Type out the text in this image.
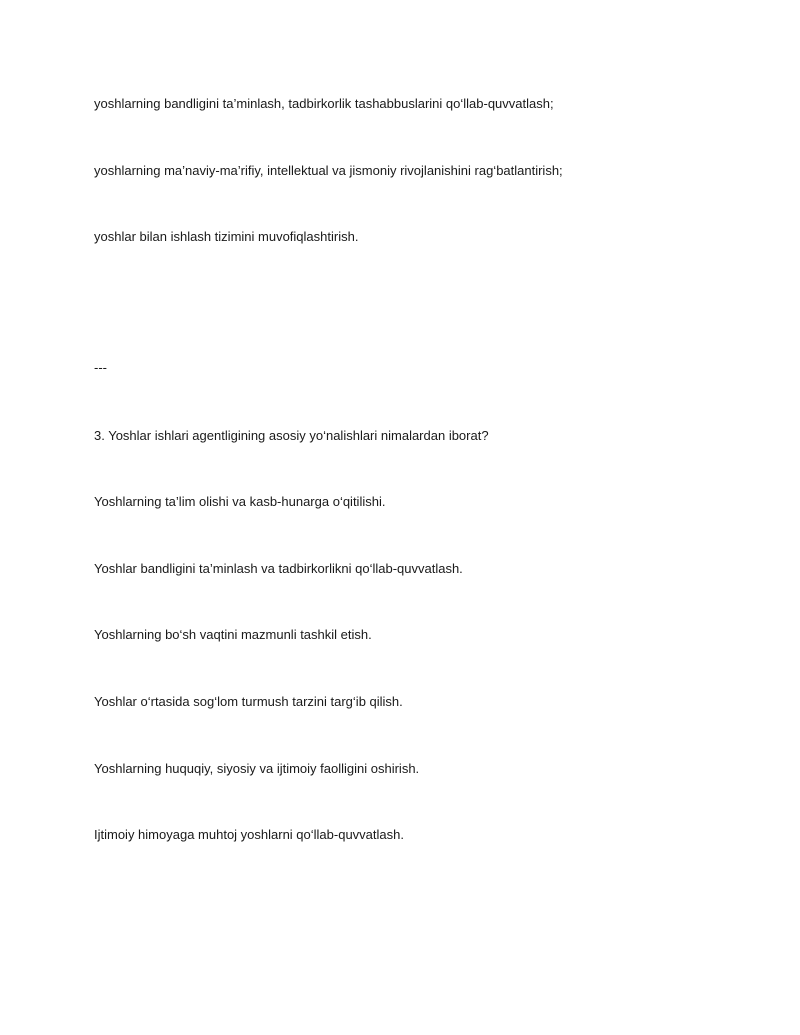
yoshlarning bandligini ta’minlash, tadbirkorlik tashabbuslarini qo‘llab-quvvatlash;
yoshlarning ma’naviy-ma’rifiy, intellektual va jismoniy rivojlanishini rag‘batlantirish;
yoshlar bilan ishlash tizimini muvofiqlashtirish.
---
3. Yoshlar ishlari agentligining asosiy yo‘nalishlari nimalardan iborat?
Yoshlarning ta’lim olishi va kasb-hunarga o‘qitilishi.
Yoshlar bandligini ta’minlash va tadbirkorlikni qo‘llab-quvvatlash.
Yoshlarning bo‘sh vaqtini mazmunli tashkil etish.
Yoshlar o‘rtasida sog‘lom turmush tarzini targ‘ib qilish.
Yoshlarning huquqiy, siyosiy va ijtimoiy faolligini oshirish.
Ijtimoiy himoyaga muhtoj yoshlarni qo‘llab-quvvatlash.
